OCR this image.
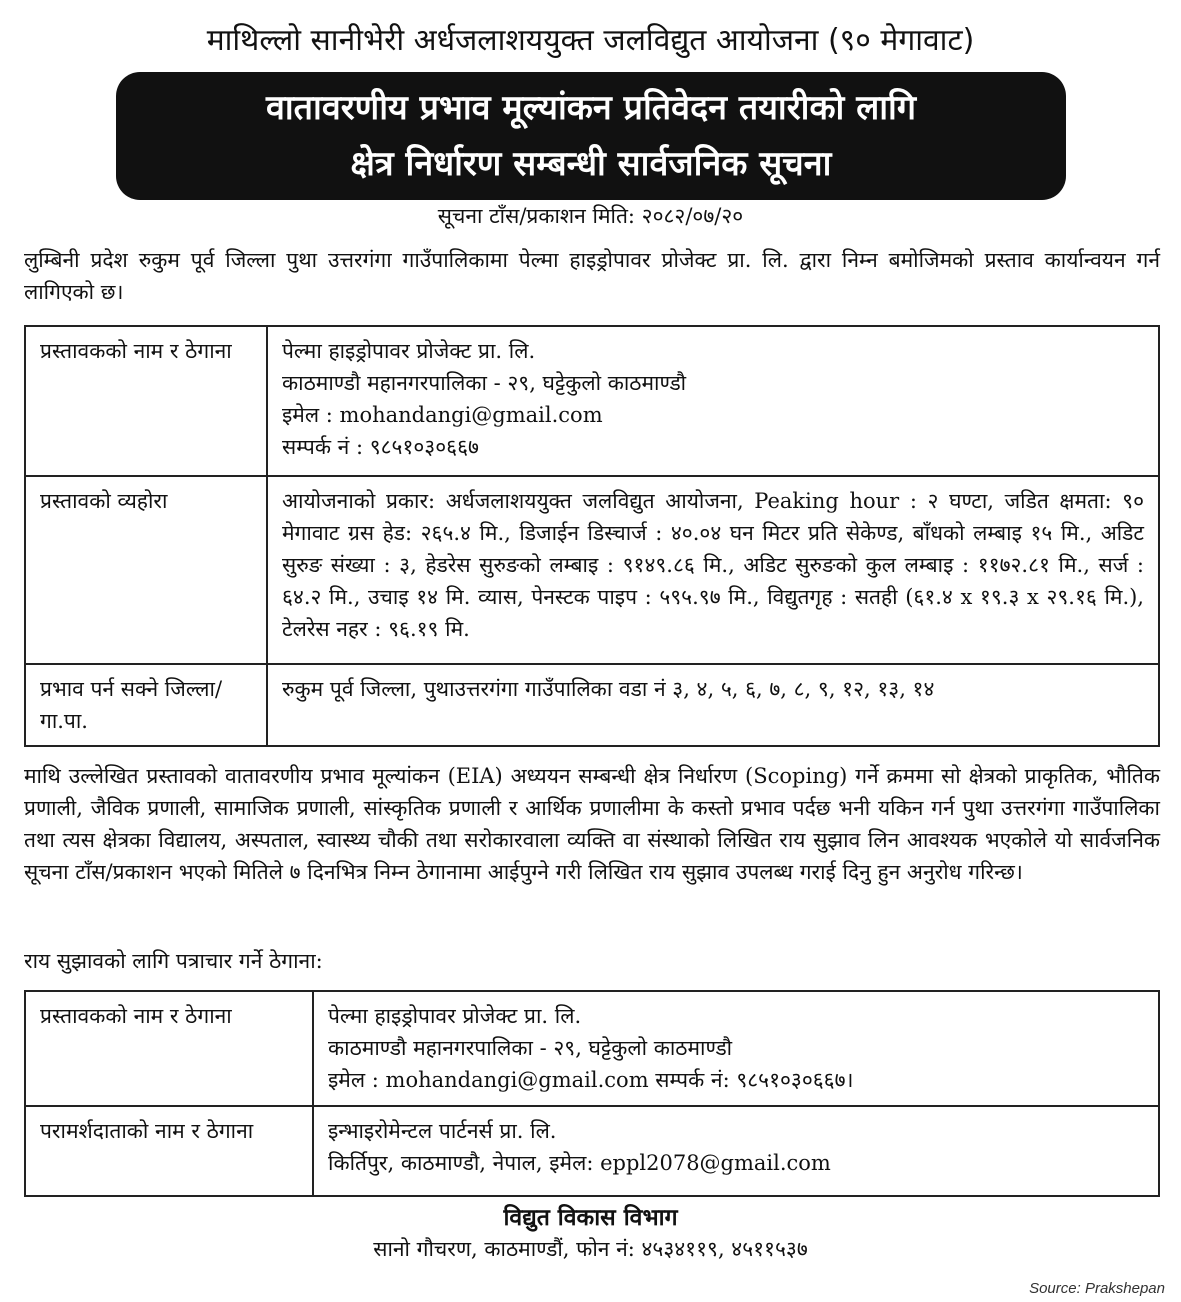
माथिल्लो सानीभेरी अर्धजलाशययुक्त जलविद्युत आयोजना (९० मेगावाट)
वातावरणीय प्रभाव मूल्यांकन प्रतिवेदन तयारीको लागि
क्षेत्र निर्धारण सम्बन्धी सार्वजनिक सूचना
सूचना टाँस/प्रकाशन मिति: २०८२/०७/२०
लुम्बिनी प्रदेश रुकुम पूर्व जिल्ला पुथा उत्तरगंगा गाउँपालिकामा पेल्मा हाइड्रोपावर प्रोजेक्ट प्रा. लि. द्वारा निम्न बमोजिमको प्रस्ताव कार्यान्वयन गर्न लागिएको छ।
प्रस्तावकको नाम र ठेगाना	पेल्मा हाइड्रोपावर प्रोजेक्ट प्रा. लि.
काठमाण्डौ महानगरपालिका - २९, घट्टेकुलो काठमाण्डौ
इमेल : mohandangi@gmail.com
सम्पर्क नं : ९८५१०३०६६७

प्रस्तावको व्यहोरा	आयोजनाको प्रकार: अर्धजलाशययुक्त जलविद्युत आयोजना, Peaking hour : २ घण्टा, जडित क्षमता: ९० मेगावाट ग्रस हेड: २६५.४ मि., डिजाईन डिस्चार्ज : ४०.०४ घन मिटर प्रति सेकेण्ड, बाँधको लम्बाइ १५ मि., अडिट सुरुङ संख्या : ३, हेडरेस सुरुङको लम्बाइ : ९१४९.८६ मि., अडिट सुरुङको कुल लम्बाइ : ११७२.८१ मि., सर्ज : ६४.२ मि., उचाइ १४ मि. व्यास, पेनस्टक पाइप : ५९५.९७ मि., विद्युतगृह : सतही (६१.४ x १९.३ x २९.१६ मि.), टेलरेस नहर : ९६.१९ मि.
प्रभाव पर्न सक्ने जिल्ला/गा.पा.	रुकुम पूर्व जिल्ला, पुथाउत्तरगंगा गाउँपालिका वडा नं ३, ४, ५, ६, ७, ८, ९, १२, १३, १४
माथि उल्लेखित प्रस्तावको वातावरणीय प्रभाव मूल्यांकन (EIA) अध्ययन सम्बन्धी क्षेत्र निर्धारण (Scoping) गर्ने क्रममा सो क्षेत्रको प्राकृतिक, भौतिक प्रणाली, जैविक प्रणाली, सामाजिक प्रणाली, सांस्कृतिक प्रणाली र आर्थिक प्रणालीमा के कस्तो प्रभाव पर्दछ भनी यकिन गर्न पुथा उत्तरगंगा गाउँपालिका तथा त्यस क्षेत्रका विद्यालय, अस्पताल, स्वास्थ्य चौकी तथा सरोकारवाला व्यक्ति वा संस्थाको लिखित राय सुझाव लिन आवश्यक भएकोले यो सार्वजनिक सूचना टाँस/प्रकाशन भएको मितिले ७ दिनभित्र निम्न ठेगानामा आईपुग्ने गरी लिखित राय सुझाव उपलब्ध गराई दिनु हुन अनुरोध गरिन्छ।
राय सुझावको लागि पत्राचार गर्ने ठेगाना:
प्रस्तावकको नाम र ठेगाना	पेल्मा हाइड्रोपावर प्रोजेक्ट प्रा. लि.
काठमाण्डौ महानगरपालिका - २९, घट्टेकुलो काठमाण्डौ
इमेल : mohandangi@gmail.com सम्पर्क नं: ९८५१०३०६६७।

परामर्शदाताको नाम र ठेगाना	इन्भाइरोमेन्टल पार्टनर्स प्रा. लि.
किर्तिपुर, काठमाण्डौ, नेपाल, इमेल: eppl2078@gmail.com
विद्युत विकास विभाग
सानो गौचरण, काठमाण्डौं, फोन नं: ४५३४११९, ४५११५३७
Source: Prakshepan
